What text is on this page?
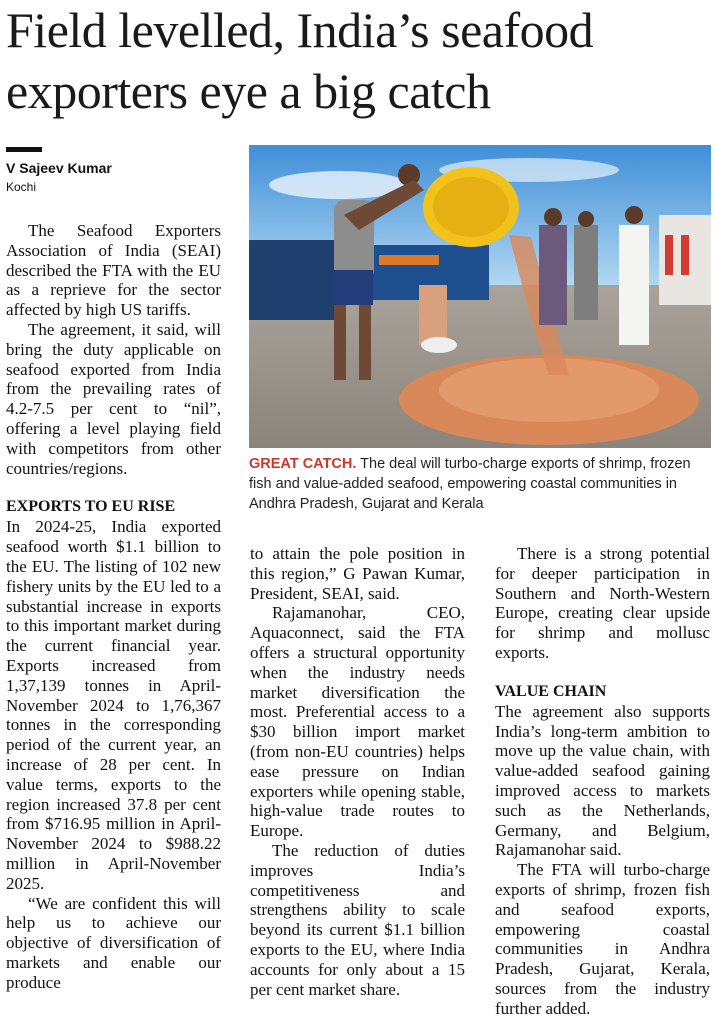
Field levelled, India’s seafood exporters eye a big catch
V Sajeev Kumar
Kochi

The Seafood Exporters Association of India (SEAI) described the FTA with the EU as a reprieve for the sector affected by high US tariffs.

The agreement, it said, will bring the duty applicable on seafood exported from India from the prevailing rates of 4.2-7.5 per cent to “nil”, offering a level playing field with competitors from other countries/regions.

EXPORTS TO EU RISE

In 2024-25, India exported seafood worth $1.1 billion to the EU. The listing of 102 new fishery units by the EU led to a substantial increase in exports to this important market during the current financial year. Exports increased from 1,37,139 tonnes in April-November 2024 to 1,76,367 tonnes in the corresponding period of the current year, an increase of 28 per cent. In value terms, exports to the region increased 37.8 per cent from $716.95 million in April-November 2024 to $988.22 million in April-November 2025.

“We are confident this will help us to achieve our objective of diversification of markets and enable our produce

GREAT CATCH. The deal will turbo-charge exports of shrimp, frozen fish and value-added seafood, empowering coastal communities in Andhra Pradesh, Gujarat and Kerala

to attain the pole position in this region,” G Pawan Kumar, President, SEAI, said.

Rajamanohar, CEO, Aquaconnect, said the FTA offers a structural opportunity when the industry needs market diversification the most. Preferential access to a $30 billion import market (from non-EU countries) helps ease pressure on Indian exporters while opening stable, high-value trade routes to Europe.

The reduction of duties improves India’s competitiveness and strengthens ability to scale beyond its current $1.1 billion exports to the EU, where India accounts for only about a 15 per cent market share.

There is a strong potential for deeper participation in Southern and North-Western Europe, creating clear upside for shrimp and mollusc exports.

VALUE CHAIN

The agreement also supports India’s long-term ambition to move up the value chain, with value-added seafood gaining improved access to markets such as the Netherlands, Germany, and Belgium, Rajamanohar said.

The FTA will turbo-charge exports of shrimp, frozen fish and seafood exports, empowering coastal communities in Andhra Pradesh, Gujarat, Kerala, sources from the industry further added.
